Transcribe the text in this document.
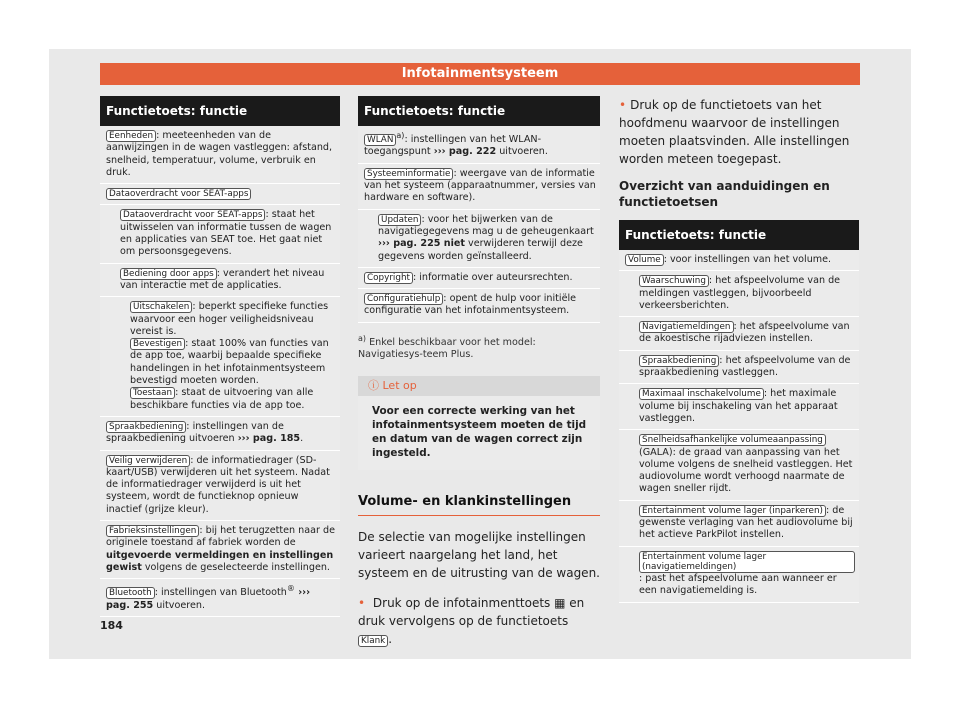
Infotainmentsysteem
Functietoets: functie
Eenheden : meeteenheden van de aanwijzingen in de wagen vastleggen: afstand, snelheid, temperatuur, volume, verbruik en druk.
Dataoverdracht voor SEAT-apps
Dataoverdracht voor SEAT-apps : staat het uitwisselen van informatie tussen de wagen en applicaties van SEAT toe. Het gaat niet om persoonsgegevens.
Bediening door apps : verandert het niveau van interactie met de applicaties.
Uitschakelen : beperkt specifieke functies waarvoor een hoger veiligheidsniveau vereist is.
Bevestigen : staat 100% van functies van de app toe, waarbij bepaalde specifieke handelingen in het infotainmentsysteem bevestigd moeten worden.
Toestaan : staat de uitvoering van alle beschikbare functies via de app toe.
Spraakbediening : instellingen van de spraakbediening uitvoeren ››› pag. 185.
Veilig verwijderen : de informatiedrager (SD-kaart/USB) verwijderen uit het systeem. Nadat de informatiedrager verwijderd is uit het systeem, wordt de functieknop opnieuw inactief (grijze kleur).
Fabrieksinstellingen : bij het terugzetten naar de originele toestand af fabriek worden de uitgevoerde vermeldingen en instellingen gewist volgens de geselecteerde instellingen.
Bluetooth : instellingen van Bluetooth® ››› pag. 255 uitvoeren.
Functietoets: functie
WLAN $^{a)}$: instellingen van het WLAN-toegangspunt ››› pag. 222 uitvoeren.
Systeeminformatie : weergave van de informatie van het systeem (apparaatnummer, versies van hardware en software).
Updaten : voor het bijwerken van de navigatiegegevens mag u de geheugenkaart ››› pag. 225 niet verwijderen terwijl deze gegevens worden geïnstalleerd.
Copyright : informatie over auteursrechten.
Configuratiehulp : opent de hulp voor initiële configuratie van het infotainmentsysteem.
$^{a)}$ Enkel beschikbaar voor het model: Navigatiesys-teem Plus.
ⓘ Let op
Voor een correcte werking van het infotainmentsysteem moeten de tijd en datum van de wagen correct zijn ingesteld.
Volume- en klankinstellingen
De selectie van mogelijke instellingen varieert naargelang het land, het systeem en de uitrusting van de wagen.
• Druk op de infotainmenttoets ▦ en druk vervolgens op de functietoets Klank .
• Druk op de functietoets van het hoofdmenu waarvoor de instellingen moeten plaatsvinden. Alle instellingen worden meteen toegepast.
Overzicht van aanduidingen en functietoetsen
Functietoets: functie
Volume : voor instellingen van het volume.
Waarschuwing : het afspeelvolume van de meldingen vastleggen, bijvoorbeeld verkeersberichten.
Navigatiemeldingen : het afspeelvolume van de akoestische rijadviezen instellen.
Spraakbediening : het afspeelvolume van de spraakbediening vastleggen.
Maximaal inschakelvolume : het maximale volume bij inschakeling van het apparaat vastleggen.
Snelheidsafhankelijke volumeaanpassing (GALA): de graad van aanpassing van het volume volgens de snelheid vastleggen. Het audiovolume wordt verhoogd naarmate de wagen sneller rijdt.
Entertainment volume lager (inparkeren) : de gewenste verlaging van het audiovolume bij het actieve ParkPilot instellen.
Entertainment volume lager (navigatiemeldingen): past het afspeelvolume aan wanneer er een navigatiemelding is.
184
